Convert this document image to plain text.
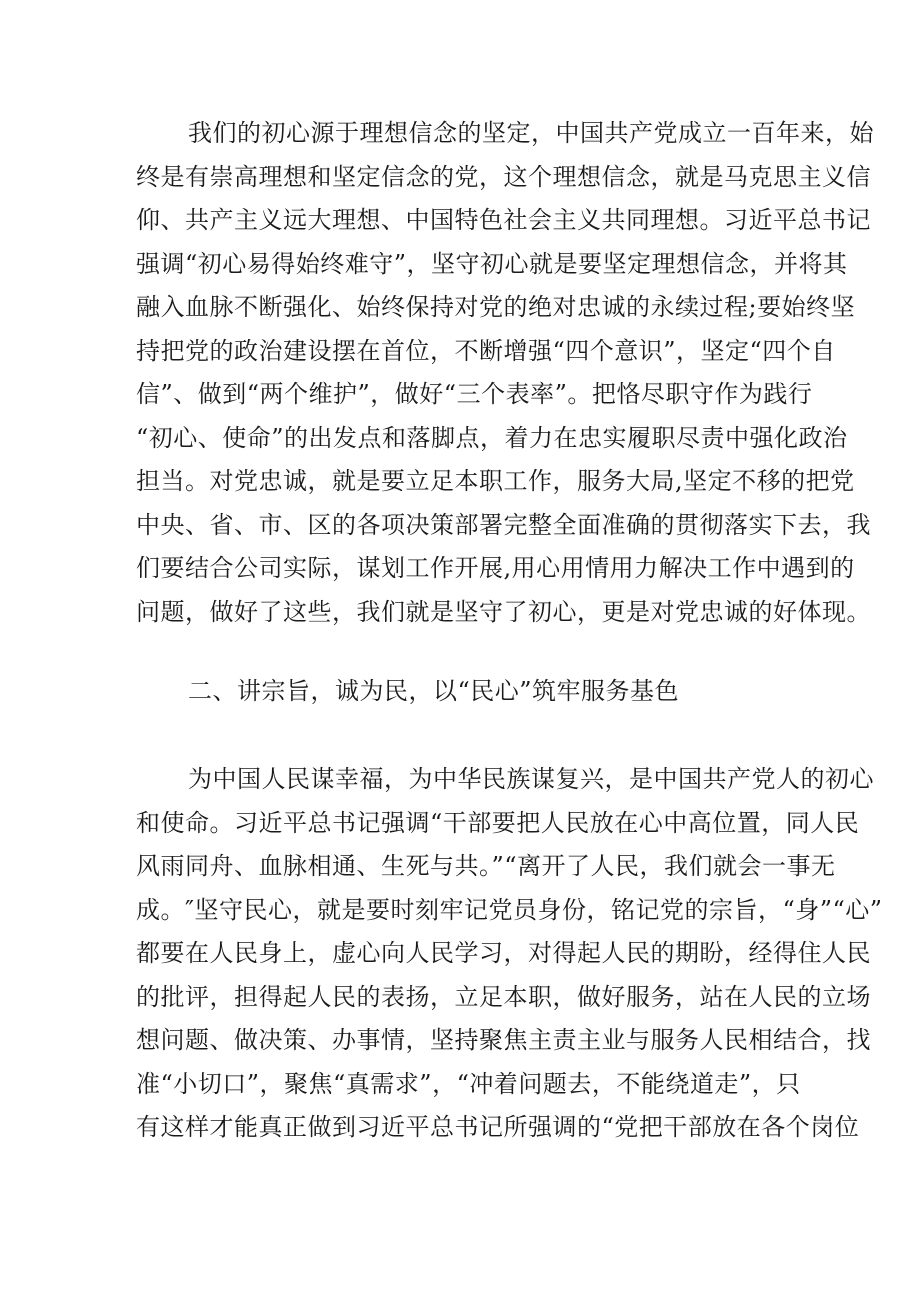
我们的初心源于理想信念的坚定，中国共产党成立一百年来，始
终是有崇高理想和坚定信念的党，这个理想信念，就是马克思主义信
仰、共产主义远大理想、中国特色社会主义共同理想。习近平总书记
强调“初心易得始终难守”，坚守初心就是要坚定理想信念，并将其
融入血脉不断强化、始终保持对党的绝对忠诚的永续过程;要始终坚
持把党的政治建设摆在首位，不断增强“四个意识”，坚定“四个自
信”、做到“两个维护”，做好“三个表率”。把恪尽职守作为践行
“初心、使命”的出发点和落脚点，着力在忠实履职尽责中强化政治
担当。对党忠诚，就是要立足本职工作，服务大局,坚定不移的把党
中央、省、市、区的各项决策部署完整全面准确的贯彻落实下去，我
们要结合公司实际，谋划工作开展,用心用情用力解决工作中遇到的
问题，做好了这些，我们就是坚守了初心，更是对党忠诚的好体现。
二、讲宗旨，诚为民，以“民心”筑牢服务基色
为中国人民谋幸福，为中华民族谋复兴，是中国共产党人的初心
和使命。习近平总书记强调“干部要把人民放在心中高位置，同人民
风雨同舟、血脉相通、生死与共。”“离开了人民，我们就会一事无
成。″坚守民心，就是要时刻牢记党员身份，铭记党的宗旨，“身”“心”
都要在人民身上，虚心向人民学习，对得起人民的期盼，经得住人民
的批评，担得起人民的表扬，立足本职，做好服务，站在人民的立场
想问题、做决策、办事情，坚持聚焦主责主业与服务人民相结合，找
准“小切口”，聚焦“真需求”，“冲着问题去，不能绕道走”，只
有这样才能真正做到习近平总书记所强调的“党把干部放在各个岗位
